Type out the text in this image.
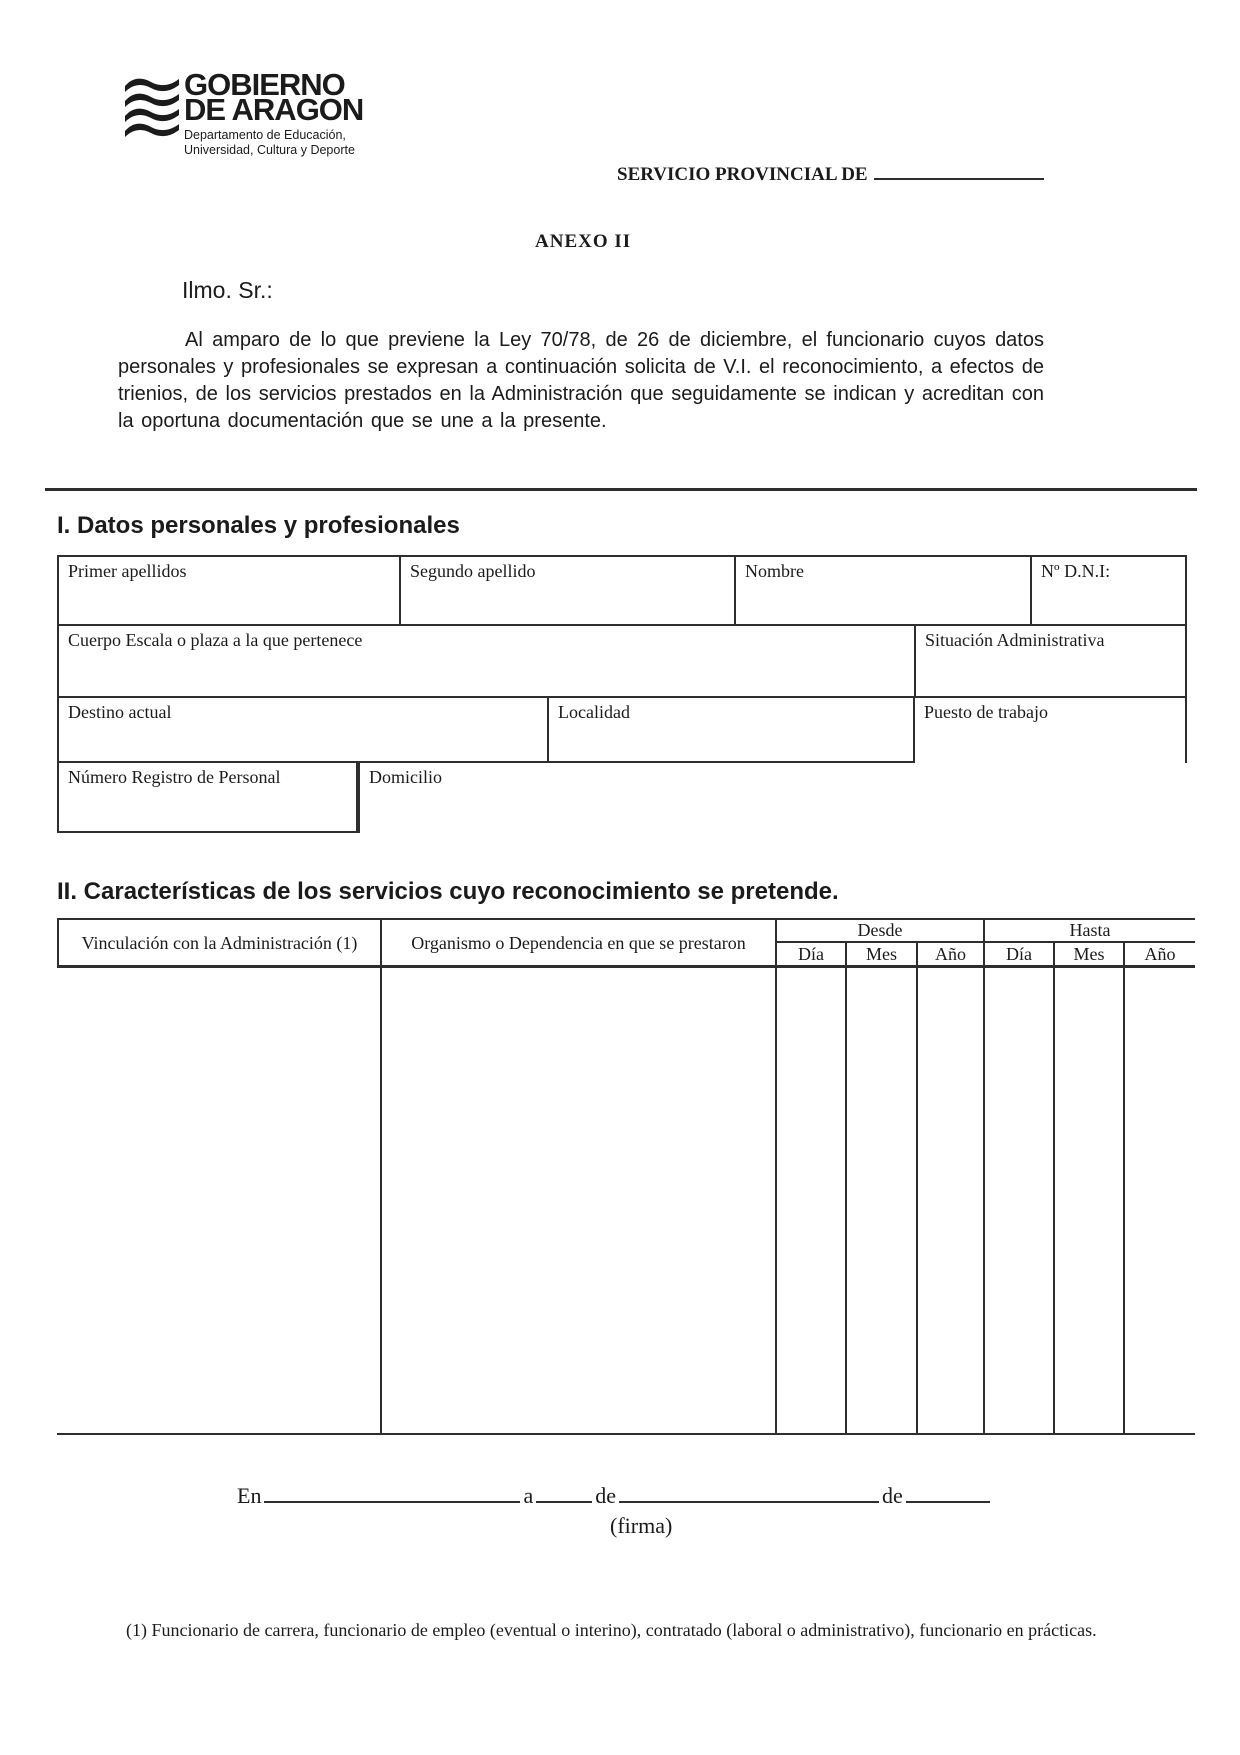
GOBIERNO
DE ARAGON
Departamento de Educación,
Universidad, Cultura y Deporte
SERVICIO PROVINCIAL DE
ANEXO II
Ilmo. Sr.:

Al amparo de lo que previene la Ley 70/78, de 26 de diciembre, el funcionario cuyos datos personales y profesionales se expresan a continuación solicita de V.I. el reconocimiento, a efectos de trienios, de los servicios prestados en la Administración que seguidamente se indican y acreditan con la oportuna documentación que se une a la presente.

I. Datos personales y profesionales
Primer apellidos	Segundo apellido	Nombre	Nº D.N.I:
Cuerpo Escala o plaza a la que pertenece	Situación Administrativa
Destino actual	Localidad	Puesto de trabajo
Número Registro de Personal	Domicilio
II. Características de los servicios cuyo reconocimiento se pretende.
Vinculación con la Administración (1)	Organismo o Dependencia en que se prestaron
Desde	Hasta
Día	Mes	Año	Día	Mes	Año
En	a	de	de
(firma)
(1) Funcionario de carrera, funcionario de empleo (eventual o interino), contratado (laboral o administrativo), funcionario en prácticas.
